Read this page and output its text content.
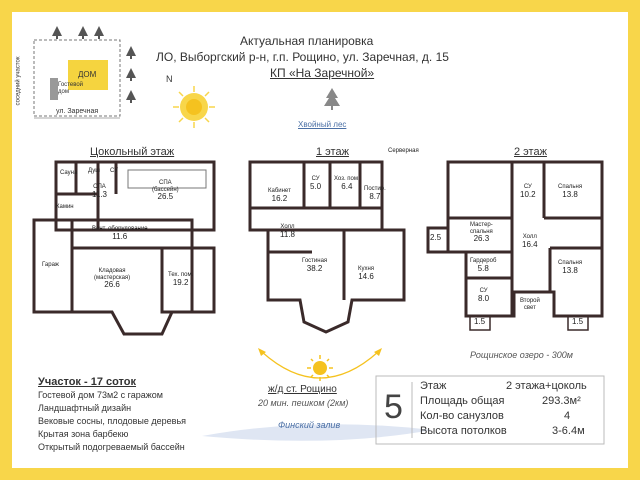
Актуальная планировка
ЛО, Выборгский р-н, г.п. Рощино, ул. Заречная, д. 15
КП «На Заречной»
соседний участок	ДОМ
Гостевой
дом
ул. Заречная
N
Хвойный лес
Цокольный этаж	1 этаж	2 этаж
Сауна Душ СУ
СПА
11.3
Камин
СПА
(бассейн)
26.5
Вент. оборудование
11.6
Гараж
Кладовая
(мастерская)
26.6
Тех. пом.
19.2
Кабинет
16.2
СУ
5.0
Хоз. пом.
6.4
Серверная
Постир.
8.7
Холл
11.8
Гостиная
38.2	Кухня
14.6
СУ
10.2
Спальня
13.8
2.5
Мастер-
спальня
26.3	Холл
16.4
Гардероб
5.8
Спальня
13.8
СУ
8.0	Второй
свет
1.5	1.5
Рощинское озеро - 300м
ж/д ст. Рощино
20 мин. пешком (2км)
Финский залив
Участок - 17 соток
Гостевой дом 73м2 с гаражом
Ландшафтный дизайн
Вековые сосны, плодовые деревья
Крытая зона барбекю
Открытый подогреваемый бассейн
5
Этаж	2 этажа+цоколь
Площадь общая	293.3м²
Кол-во санузлов	4
Высота потолков	3-6.4м
